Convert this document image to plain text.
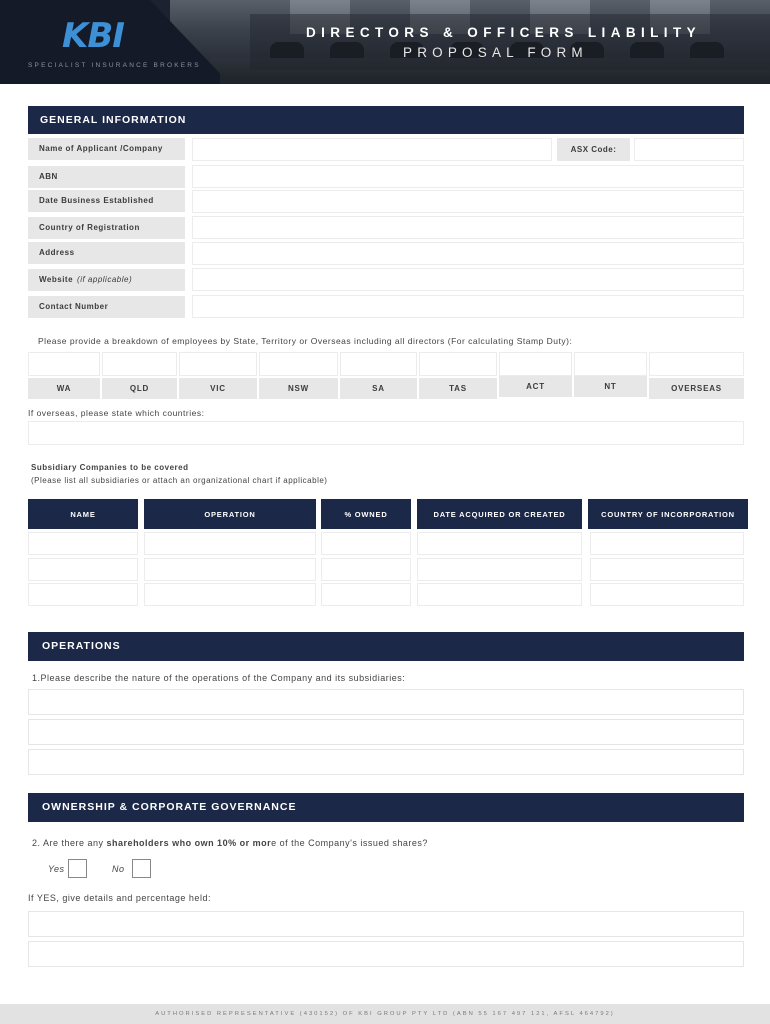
KBI
SPECIALIST INSURANCE BROKERS
DIRECTORS & OFFICERS LIABILITY
PROPOSAL FORM
GENERAL INFORMATION
Name of Applicant /Company	ASX Code:
ABN
Date Business Established
Country of Registration
Address
Website (if applicable)
Contact Number
Please provide a breakdown of employees by State, Territory or Overseas including all directors (For calculating Stamp Duty):
WA	QLD	VIC	NSW	SA	TAS	ACT	NT	OVERSEAS
If overseas, please state which countries:
Subsidiary Companies to be covered
(Please list all subsidiaries or attach an organizational chart if applicable)
NAME	OPERATION	% OWNED	DATE ACQUIRED OR CREATED	COUNTRY OF INCORPORATION
OPERATIONS
1.Please describe the nature of the operations of the Company and its subsidiaries:
OWNERSHIP & CORPORATE GOVERNANCE
2. Are there any shareholders who own 10% or more of the Company's issued shares?
Yes	No
If YES, give details and percentage held:
AUTHORISED REPRESENTATIVE (430152) OF KBI GROUP PTY LTD (ABN 55 167 497 121, AFSL 464792)
